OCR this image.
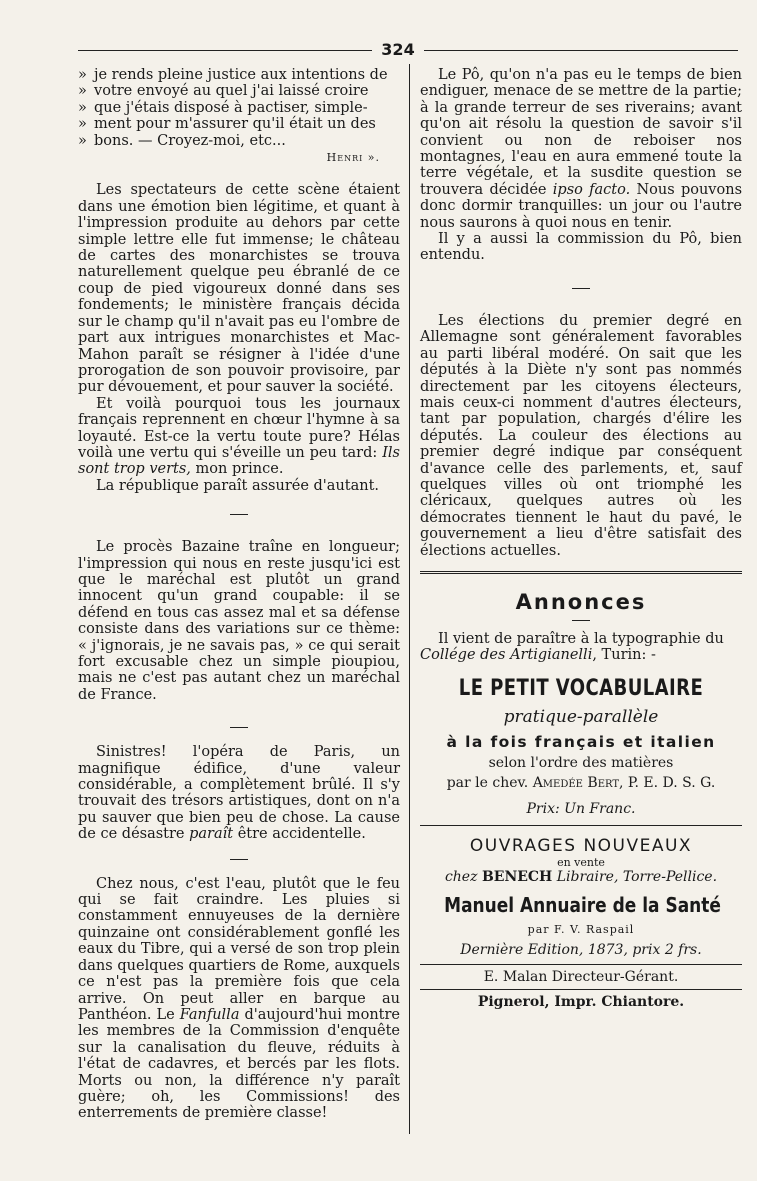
324

» je rends pleine justice aux intentions de

» votre envoyé au quel j'ai laissé croire

» que j'étais disposé à pactiser, simple-

» ment pour m'assurer qu'il était un des

» bons. — Croyez-moi, etc...

Henri ».

Les spectateurs de cette scène étaient dans une émotion bien légitime, et quant à l'impression produite au dehors par cette simple lettre elle fut immense; le château de cartes des monarchistes se trouva naturellement quelque peu ébranlé de ce coup de pied vigoureux donné dans ses fondements; le ministère français décida sur le champ qu'il n'avait pas eu l'ombre de part aux intrigues monarchistes et Mac-Mahon paraît se résigner à l'idée d'une prorogation de son pouvoir provisoire, par pur dévouement, et pour sauver la société.

Et voilà pourquoi tous les journaux français reprennent en chœur l'hymne à sa loyauté. Est-ce la vertu toute pure? Hélas voilà une vertu qui s'éveille un peu tard: Ils sont trop verts, mon prince.

La république paraît assurée d'autant.

Le procès Bazaine traîne en longueur; l'impression qui nous en reste jusqu'ici est que le maréchal est plutôt un grand innocent qu'un grand coupable: il se défend en tous cas assez mal et sa défense consiste dans des variations sur ce thème: « j'ignorais, je ne savais pas, » ce qui serait fort excusable chez un simple pioupiou, mais ne c'est pas autant chez un maréchal de France.

Sinistres! l'opéra de Paris, un magnifique édifice, d'une valeur considérable, a complètement brûlé. Il s'y trouvait des trésors artistiques, dont on n'a pu sauver que bien peu de chose. La cause de ce désastre paraît être accidentelle.

Chez nous, c'est l'eau, plutôt que le feu qui se fait craindre. Les pluies si constamment ennuyeuses de la dernière quinzaine ont considérablement gonflé les eaux du Tibre, qui a versé de son trop plein dans quelques quartiers de Rome, auxquels ce n'est pas la première fois que cela arrive. On peut aller en barque au Panthéon. Le Fanfulla d'aujourd'hui montre les membres de la Commission d'enquête sur la canalisation du fleuve, réduits à l'état de cadavres, et bercés par les flots. Morts ou non, la différence n'y paraît guère; oh, les Commissions! des enterrements de première classe!

Le Pô, qu'on n'a pas eu le temps de bien endiguer, menace de se mettre de la partie; à la grande terreur de ses riverains; avant qu'on ait résolu la question de savoir s'il convient ou non de reboiser nos montagnes, l'eau en aura emmené toute la terre végétale, et la susdite question se trouvera décidée ipso facto. Nous pouvons donc dormir tranquilles: un jour ou l'autre nous saurons à quoi nous en tenir.

Il y a aussi la commission du Pô, bien entendu.

Les élections du premier degré en Allemagne sont généralement favorables au parti libéral modéré. On sait que les députés à la Diète n'y sont pas nommés directement par les citoyens électeurs, mais ceux-ci nomment d'autres électeurs, tant par population, chargés d'élire les députés. La couleur des élections au premier degré indique par conséquent d'avance celle des parlements, et, sauf quelques villes où ont triomphé les cléricaux, quelques autres où les démocrates tiennent le haut du pavé, le gouvernement a lieu d'être satisfait des élections actuelles.

Annonces

Il vient de paraître à la typographie du

Collége des Artigianelli, Turin: -

LE PETIT VOCABULAIRE
pratique-parallèle
à la fois français et italien
selon l'ordre des matières
par le chev. Amedée Bert, P. E. D. S. G.
Prix: Un Franc.
OUVRAGES NOUVEAUX
en vente
chez BENECH Libraire, Torre-Pellice.
Manuel Annuaire de la Santé
par F. V. Raspail
Dernière Edition, 1873, prix 2 frs.
E. Malan Directeur-Gérant.
Pignerol, Impr. Chiantore.
